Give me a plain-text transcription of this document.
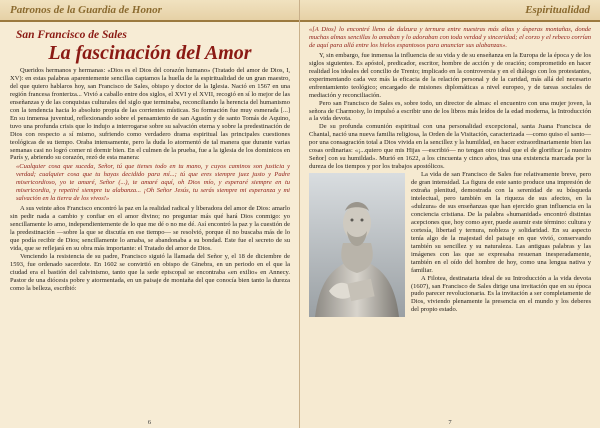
Patronos de la Guardia de Honor
San Francisco de Sales
La fascinación del Amor

Queridos hermanos y hermanas: «Dios es el Dios del corazón humano» (Tratado del amor de Dios, I, XV): en estas palabras aparentemente sencillas captamos la huella de la espiritualidad de un gran maestro, del que quiero hablaros hoy, san Francisco de Sales, obispo y doctor de la Iglesia. Nació en 1567 en una región francesa fronteriza... Vivió a caballo entre dos siglos, el XVI y el XVII, recogió en sí lo mejor de las enseñanzas y de las conquistas culturales del siglo que terminaba, reconciliando la herencia del humanismo con la tendencia hacia lo absoluto propia de las corrientes místicas. Su formación fue muy esmerada [...] En su inmensa juventud, reflexionando sobre el pensamiento de san Agustín y de santo Tomás de Aquino, tuvo una profunda crisis que lo indujo a interrogarse sobre su salvación eterna y sobre la predestinación de Dios con respecto a sí mismo, sufriendo como verdadero drama espiritual las principales cuestiones teológicas de su tiempo. Oraba intensamente, pero la duda lo atormentó de tal manera que durante varias semanas casi no logró comer ni dormir bien. En el culmen de la prueba, fue a la iglesia de los dominicos en París y, abriendo su corazón, rezó de esta manera:

«Cualquier cosa que suceda, Señor, tú que tienes todo en tu mano, y cuyos caminos son justicia y verdad; cualquier cosa que tu hayas decidido para mí...; tú que eres siempre juez justo y Padre misericordioso, yo te amaré, Señor (...), te amaré aquí, oh Dios mío, y esperaré siempre en tu misericordia, y repetiré siempre tu alabanza... ¡Oh Señor Jesús, tu serás siempre mi esperanza y mi salvación en la tierra de los vivos!»

A sus veinte años Francisco encontró la paz en la realidad radical y liberadora del amor de Dios: amarlo sin pedir nada a cambio y confiar en el amor divino; no preguntar más qué hará Dios conmigo: yo sencillamente lo amo, independientemente de lo que me dé o no me dé. Así encontró la paz y la cuestión de la predestinación —sobre la que se discutía en ese tiempo— se resolvió, porque él no buscaba más de lo que podía recibir de Dios; sencillamente lo amaba, se abandonaba a su bondad. Este fue el secreto de su vida, que se reflejará en su obra más importante: el Tratado del amor de Dios.

Venciendo la resistencia de su padre, Francisco siguió la llamada del Señor y, el 18 de diciembre de 1593, fue ordenado sacerdote. En 1602 se convirtió en obispo de Ginebra, en un periodo en el que la ciudad era el bastión del calvinismo, tanto que la sede episcopal se encontraba «en exilio» en Annecy. Pastor de una diócesis pobre y atormentada, en un paisaje de montaña del que conocía bien tanto la dureza como la belleza, escribió:

6
Espiritualidad

«[A Dios] lo encontré lleno de dulzura y ternura entre nuestras más altas y ásperas montañas, donde muchas almas sencillas lo amaban y lo adoraban con toda verdad y sinceridad; el corzo y el rebeco corrían de aquí para allá entre los hielos espantosos para anunciar sus alabanzas».

Y, sin embargo, fue inmensa la influencia de su vida y de su enseñanza en la Europa de la época y de los siglos siguientes. Es apóstol, predicador, escritor, hombre de acción y de oración; comprometido en hacer realidad los ideales del concilio de Trento; implicado en la controversia y en el diálogo con los protestantes, experimentando cada vez más la eficacia de la relación personal y de la caridad, más allá del necesario enfrentamiento teológico; encargado de misiones diplomáticas a nivel europeo, y de tareas sociales de mediación y reconciliación.

Pero san Francisco de Sales es, sobre todo, un director de almas: el encuentro con una mujer joven, la señora de Charmoisy, lo impulsó a escribir uno de los libros más leídos de la edad moderna, la Introducción a la vida devota.

De su profunda comunión espiritual con una personalidad excepcional, santa Juana Francisca de Chantal, nació una nueva familia religiosa, la Orden de la Visitación, caracterizada —como quiso el santo— por una consagración total a Dios vivida en la sencillez y la humildad, en hacer extraordinariamente bien las cosas ordinarias: «¡...quiero que mis Hijas —escribió— no tengan otro ideal que el de glorificar [a nuestro Señor] con su humildad». Murió en 1622, a los cincuenta y cinco años, tras una existencia marcada por la dureza de los tiempos y por los trabajos apostólicos.

La vida de san Francisco de Sales fue relativamente breve, pero de gran intensidad. La figura de este santo produce una impresión de extraña plenitud, demostrada con la serenidad de su búsqueda intelectual, pero también en la riqueza de sus afectos, en la «dulzura» de sus enseñanzas que han ejercido gran influencia en la conciencia cristiana. De la palabra «humanidad» encontró distintas acepciones que, hoy como ayer, puede asumir este término: cultura y cortesía, libertad y ternura, nobleza y solidaridad. En su aspecto tenía algo de la majestad del paisaje en que vivió, conservando también su sencillez y su naturaleza. Las antiguas palabras y las imágenes con las que se expresaba resuenan inesperadamente, también en el oído del hombre de hoy, como una lengua nativa y familiar.

A Filotea, destinataria ideal de su Introducción a la vida devota (1607), san Francisco de Sales dirige una invitación que en su época pudo parecer revolucionaria. Es la invitación a ser completamente de Dios, viviendo plenamente la presencia en el mundo y los deberes del propio estado.

7
